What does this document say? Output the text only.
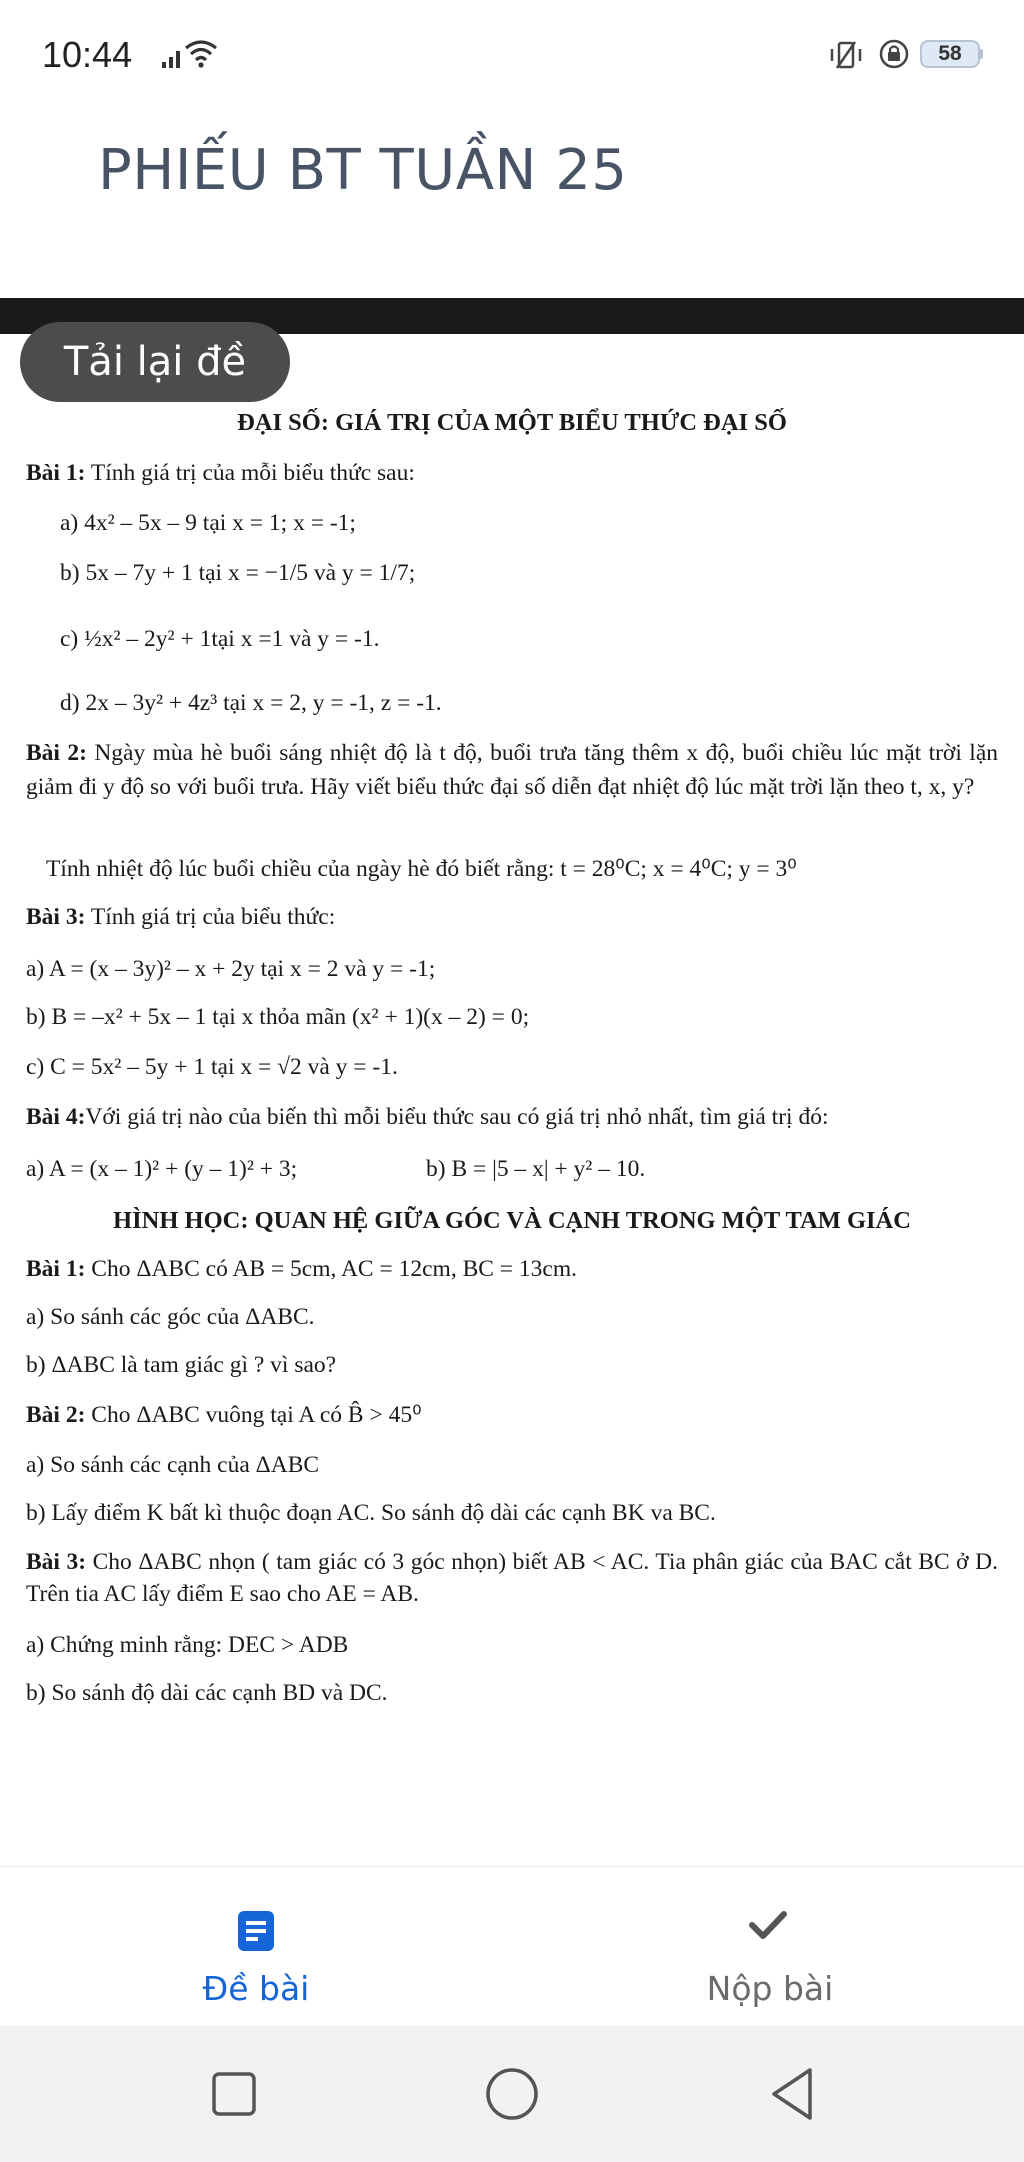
10:44	58
PHIẾU BT TUẦN 25
Tải lại đề
ĐẠI SỐ: GIÁ TRỊ CỦA MỘT BIỂU THỨC ĐẠI SỐ
Bài 1: Tính giá trị của mỗi biểu thức sau:
a) 4x² – 5x – 9 tại x = 1; x = -1;
b) 5x – 7y + 1 tại x = −1/5 và y = 1/7;
c) ½x² – 2y² + 1tại x =1 và y = -1.
d) 2x – 3y² + 4z³ tại x = 2, y = -1, z = -1.
Bài 2: Ngày mùa hè buổi sáng nhiệt độ là t độ, buổi trưa tăng thêm x độ, buổi chiều lúc mặt trời lặn giảm đi y độ so với buổi trưa. Hãy viết biểu thức đại số diễn đạt nhiệt độ lúc mặt trời lặn theo t, x, y?
Tính nhiệt độ lúc buổi chiều của ngày hè đó biết rằng: t = 28⁰C; x = 4⁰C; y = 3⁰
Bài 3: Tính giá trị của biểu thức:
a) A = (x – 3y)² – x + 2y tại x = 2 và y = -1;
b) B = –x² + 5x – 1 tại x thỏa mãn (x² + 1)(x – 2) = 0;
c) C = 5x² – 5y + 1 tại x = √2 và y = -1.
Bài 4:Với giá trị nào của biến thì mỗi biểu thức sau có giá trị nhỏ nhất, tìm giá trị đó:
a) A = (x – 1)² + (y – 1)² + 3;	b) B = |5 – x| + y² – 10.
HÌNH HỌC: QUAN HỆ GIỮA GÓC VÀ CẠNH TRONG MỘT TAM GIÁC
Bài 1: Cho ΔABC có AB = 5cm, AC = 12cm, BC = 13cm.
a) So sánh các góc của ΔABC.
b) ΔABC là tam giác gì ? vì sao?
Bài 2: Cho ΔABC vuông tại A có B̂ > 45⁰
a) So sánh các cạnh của ΔABC
b) Lấy điểm K bất kì thuộc đoạn AC. So sánh độ dài các cạnh BK va BC.
Bài 3: Cho ΔABC nhọn ( tam giác có 3 góc nhọn) biết AB < AC. Tia phân giác của BAC cắt BC ở D. Trên tia AC lấy điểm E sao cho AE = AB.
a) Chứng minh rằng: DEC > ADB
b) So sánh độ dài các cạnh BD và DC.
Đề bài	Nộp bài
